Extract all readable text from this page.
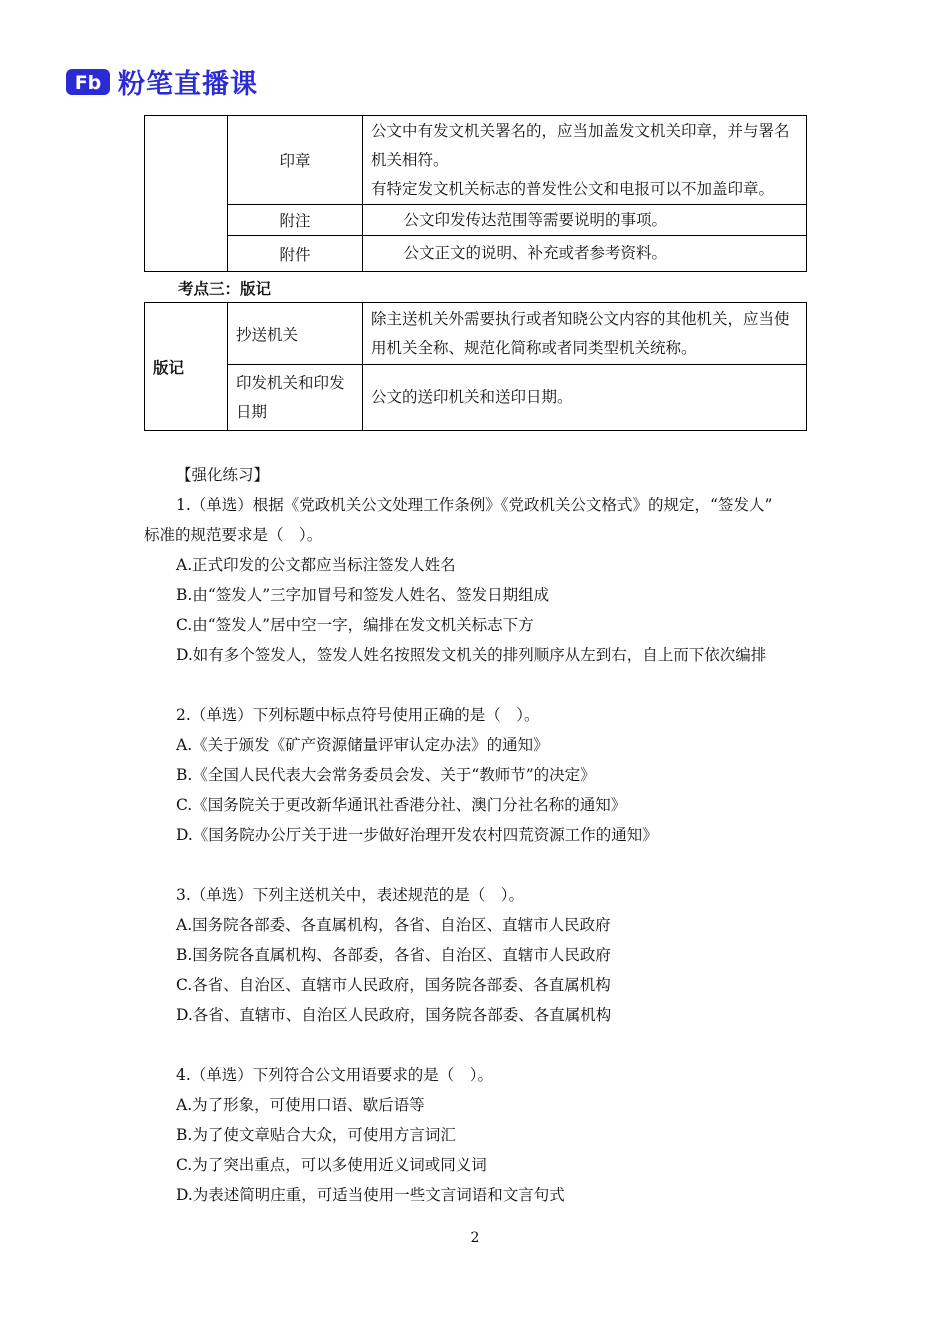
Fb 粉笔直播课
	印章	公文中有发文机关署名的，应当加盖发文机关印章，并与署名机关相符。
有特定发文机关标志的普发性公文和电报可以不加盖印章。

	附注	公文印发传达范围等需要说明的事项。
	附件	公文正文的说明、补充或者参考资料。
考点三：版记
版记	抄送机关	除主送机关外需要执行或者知晓公文内容的其他机关，应当使用机关全称、规范化简称或者同类型机关统称。
	印发机关和印发日期	公文的送印机关和送印日期。
【强化练习】
1.（单选）根据《党政机关公文处理工作条例》《党政机关公文格式》的规定，“签发人”
标准的规范要求是（　）。
A.正式印发的公文都应当标注签发人姓名
B.由“签发人”三字加冒号和签发人姓名、签发日期组成
C.由“签发人”居中空一字，编排在发文机关标志下方
D.如有多个签发人，签发人姓名按照发文机关的排列顺序从左到右，自上而下依次编排
2.（单选）下列标题中标点符号使用正确的是（　）。
A.《关于颁发《矿产资源储量评审认定办法》的通知》
B.《全国人民代表大会常务委员会发、关于“教师节”的决定》
C.《国务院关于更改新华通讯社香港分社、澳门分社名称的通知》
D.《国务院办公厅关于进一步做好治理开发农村四荒资源工作的通知》
3.（单选）下列主送机关中，表述规范的是（　）。
A.国务院各部委、各直属机构，各省、自治区、直辖市人民政府
B.国务院各直属机构、各部委，各省、自治区、直辖市人民政府
C.各省、自治区、直辖市人民政府，国务院各部委、各直属机构
D.各省、直辖市、自治区人民政府，国务院各部委、各直属机构
4.（单选）下列符合公文用语要求的是（　）。
A.为了形象，可使用口语、歇后语等
B.为了使文章贴合大众，可使用方言词汇
C.为了突出重点，可以多使用近义词或同义词
D.为表述简明庄重，可适当使用一些文言词语和文言句式
2
